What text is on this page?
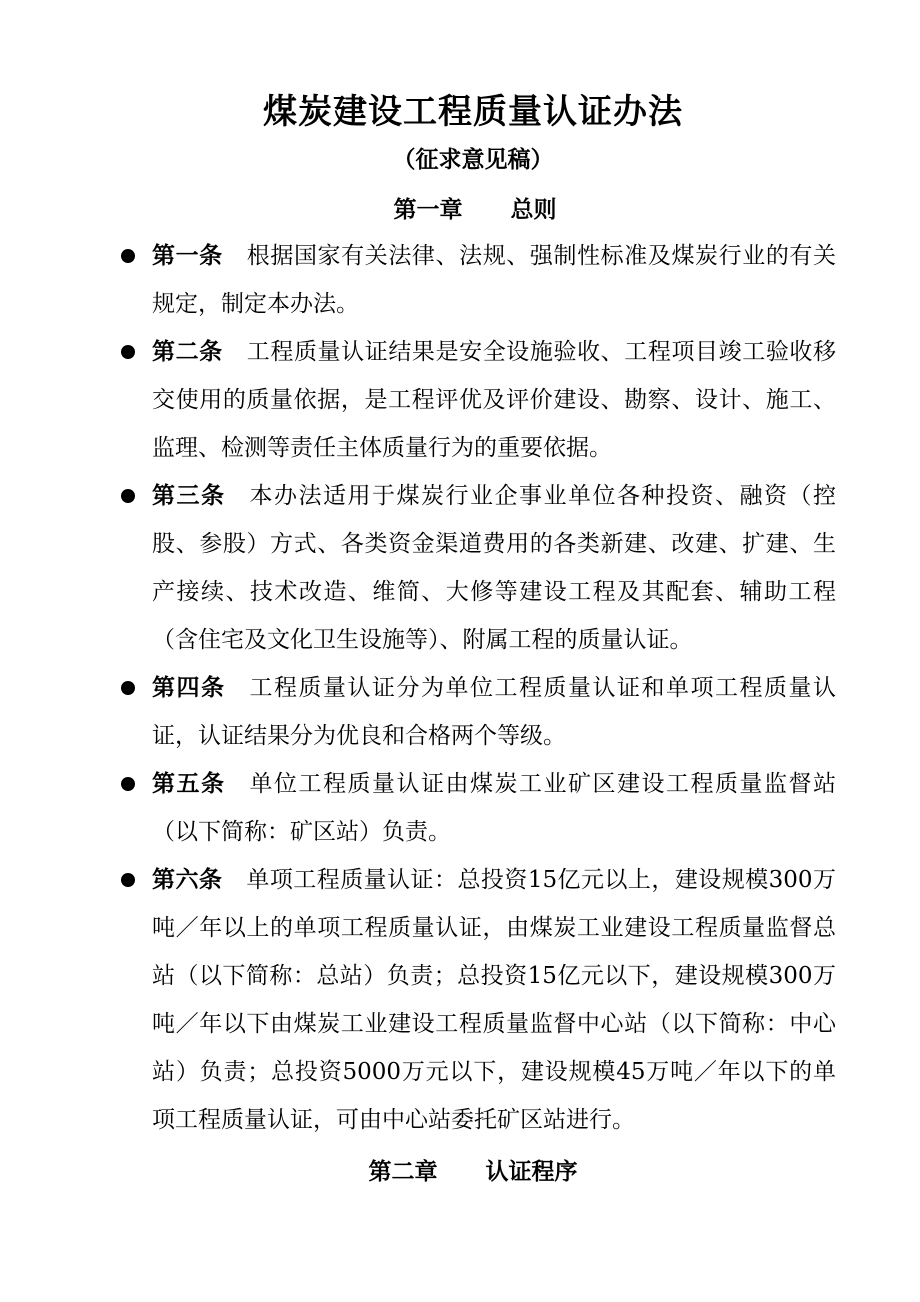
煤炭建设工程质量认证办法
（征求意见稿）
第一章 总则
第一条 根据国家有关法律、法规、强制性标准及煤炭行业的有关规定，制定本办法。
第二条 工程质量认证结果是安全设施验收、工程项目竣工验收移交使用的质量依据，是工程评优及评价建设、勘察、设计、施工、监理、检测等责任主体质量行为的重要依据。
第三条 本办法适用于煤炭行业企事业单位各种投资、融资（控股、参股）方式、各类资金渠道费用的各类新建、改建、扩建、生产接续、技术改造、维简、大修等建设工程及其配套、辅助工程（含住宅及文化卫生设施等）、附属工程的质量认证。
第四条 工程质量认证分为单位工程质量认证和单项工程质量认证，认证结果分为优良和合格两个等级。
第五条 单位工程质量认证由煤炭工业矿区建设工程质量监督站（以下简称：矿区站）负责。
第六条 单项工程质量认证：总投资15亿元以上，建设规模300万吨／年以上的单项工程质量认证，由煤炭工业建设工程质量监督总站（以下简称：总站）负责；总投资15亿元以下，建设规模300万吨／年以下由煤炭工业建设工程质量监督中心站（以下简称：中心站）负责；总投资5000万元以下，建设规模45万吨／年以下的单项工程质量认证，可由中心站委托矿区站进行。
第二章 认证程序
